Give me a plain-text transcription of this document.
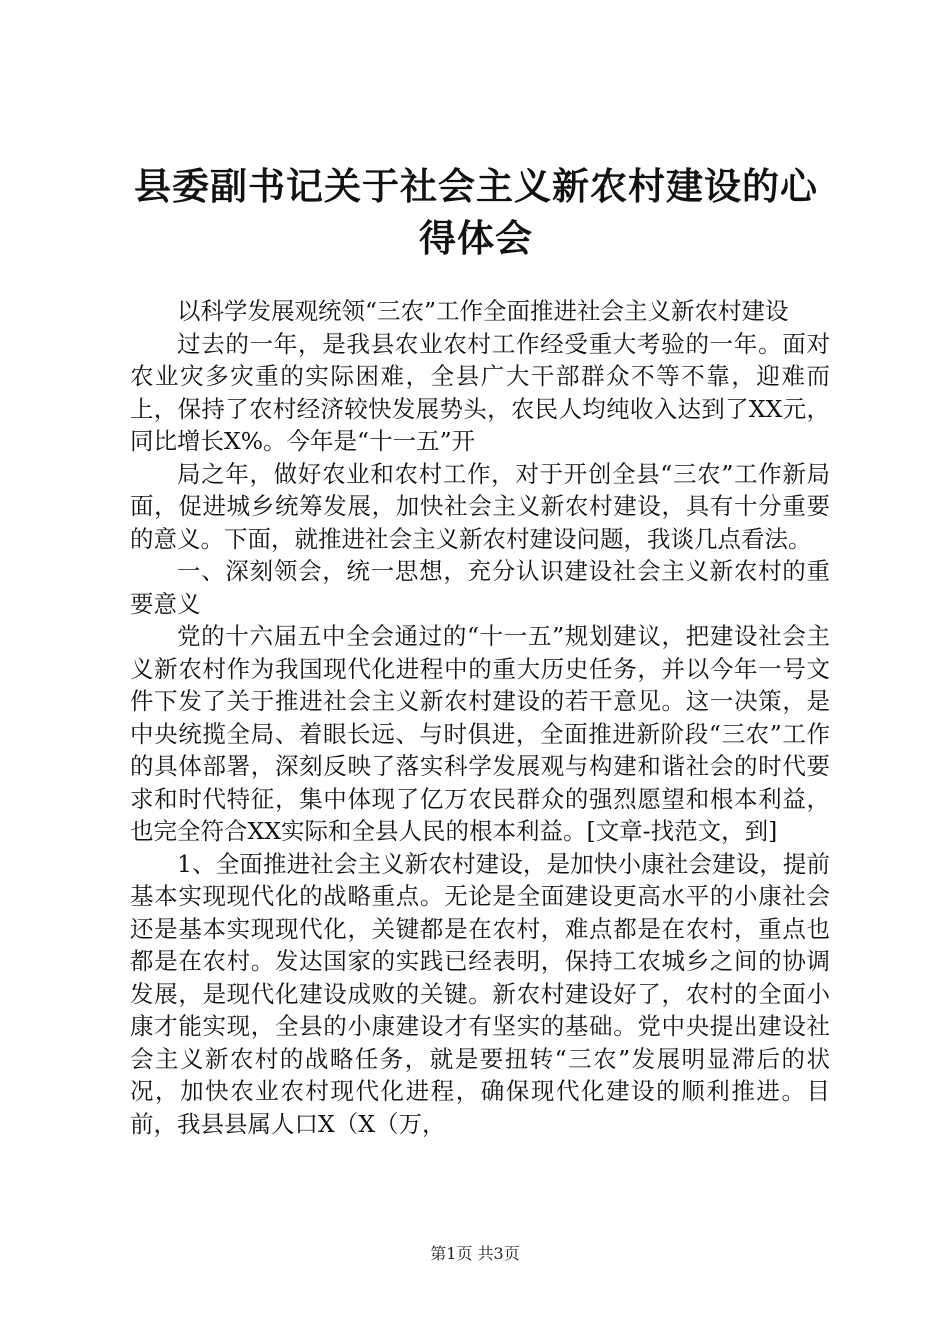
县委副书记关于社会主义新农村建设的心得体会

以科学发展观统领“三农”工作全面推进社会主义新农村建设

过去的一年，是我县农业农村工作经受重大考验的一年。面对农业灾多灾重的实际困难，全县广大干部群众不等不靠，迎难而上，保持了农村经济较快发展势头，农民人均纯收入达到了XX元，同比增长X%。今年是“十一五”开

局之年，做好农业和农村工作，对于开创全县“三农”工作新局面，促进城乡统筹发展，加快社会主义新农村建设，具有十分重要的意义。下面，就推进社会主义新农村建设问题，我谈几点看法。

一、深刻领会，统一思想，充分认识建设社会主义新农村的重要意义

党的十六届五中全会通过的“十一五”规划建议，把建设社会主义新农村作为我国现代化进程中的重大历史任务，并以今年一号文件下发了关于推进社会主义新农村建设的若干意见。这一决策，是中央统揽全局、着眼长远、与时俱进，全面推进新阶段“三农”工作的具体部署，深刻反映了落实科学发展观与构建和谐社会的时代要求和时代特征，集中体现了亿万农民群众的强烈愿望和根本利益，也完全符合XX实际和全县人民的根本利益。[文章-找范文，到]

1、全面推进社会主义新农村建设，是加快小康社会建设，提前基本实现现代化的战略重点。无论是全面建设更高水平的小康社会还是基本实现现代化，关键都是在农村，难点都是在农村，重点也都是在农村。发达国家的实践已经表明，保持工农城乡之间的协调发展，是现代化建设成败的关键。新农村建设好了，农村的全面小康才能实现，全县的小康建设才有坚实的基础。党中央提出建设社会主义新农村的战略任务，就是要扭转“三农”发展明显滞后的状况，加快农业农村现代化进程，确保现代化建设的顺利推进。目前，我县县属人口X（X（万，

第1页 共3页
